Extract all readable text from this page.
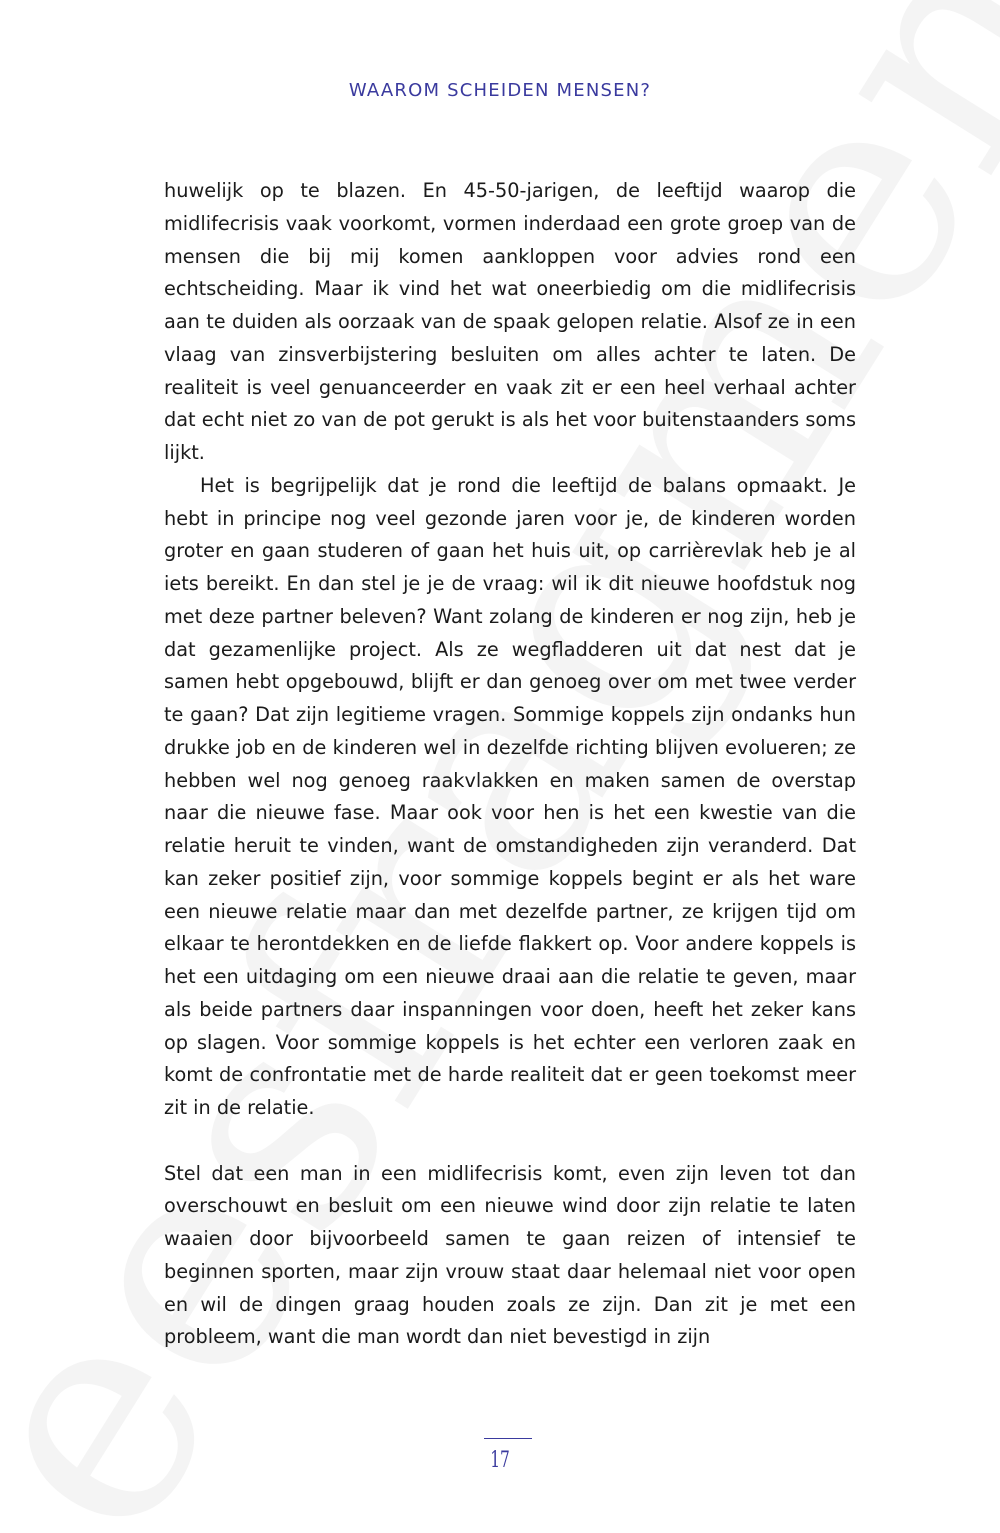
WAAROM SCHEIDEN MENSEN?

huwelijk op te blazen. En 45-50-jarigen, de leeftijd waarop die midlifecrisis vaak voorkomt, vormen inderdaad een grote groep van de mensen die bij mij komen aankloppen voor advies rond een echtscheiding. Maar ik vind het wat oneerbiedig om die midlifecrisis aan te duiden als oorzaak van de spaak gelopen relatie. Alsof ze in een vlaag van zinsverbijstering besluiten om alles achter te laten. De realiteit is veel genuanceerder en vaak zit er een heel verhaal achter dat echt niet zo van de pot gerukt is als het voor buitenstaanders soms lijkt.

Het is begrijpelijk dat je rond die leeftijd de balans opmaakt. Je hebt in principe nog veel gezonde jaren voor je, de kinderen worden groter en gaan studeren of gaan het huis uit, op carrièrevlak heb je al iets bereikt. En dan stel je je de vraag: wil ik dit nieuwe hoofdstuk nog met deze partner beleven? Want zolang de kinderen er nog zijn, heb je dat gezamenlijke project. Als ze wegfladderen uit dat nest dat je samen hebt opgebouwd, blijft er dan genoeg over om met twee verder te gaan? Dat zijn legitieme vragen. Sommige koppels zijn ondanks hun drukke job en de kinderen wel in dezelfde richting blijven evolueren; ze hebben wel nog genoeg raakvlakken en maken samen de overstap naar die nieuwe fase. Maar ook voor hen is het een kwestie van die relatie heruit te vinden, want de omstandigheden zijn veranderd. Dat kan zeker positief zijn, voor sommige koppels begint er als het ware een nieuwe relatie maar dan met dezelfde partner, ze krijgen tijd om elkaar te herontdekken en de liefde flakkert op. Voor andere koppels is het een uitdaging om een nieuwe draai aan die relatie te geven, maar als beide partners daar inspanningen voor doen, heeft het zeker kans op slagen. Voor sommige koppels is het echter een verloren zaak en komt de confrontatie met de harde realiteit dat er geen toekomst meer zit in de relatie.

Stel dat een man in een midlifecrisis komt, even zijn leven tot dan overschouwt en besluit om een nieuwe wind door zijn relatie te laten waaien door bijvoorbeeld samen te gaan reizen of intensief te beginnen sporten, maar zijn vrouw staat daar helemaal niet voor open en wil de dingen graag houden zoals ze zijn. Dan zit je met een probleem, want die man wordt dan niet bevestigd in zijn

17
